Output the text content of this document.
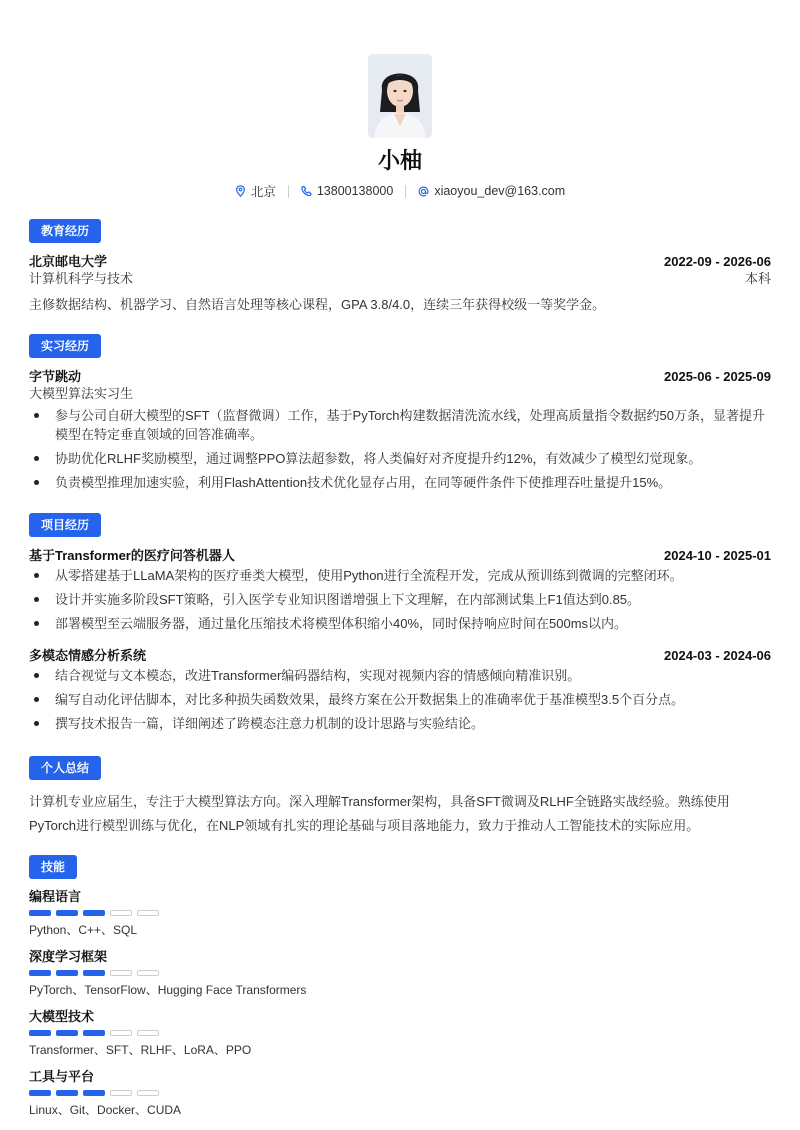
小柚
北京	13800138000	xiaoyou_dev@163.com
教育经历
北京邮电大学	2022-09 - 2026-06
计算机科学与技术	本科
主修数据结构、机器学习、自然语言处理等核心课程，GPA 3.8/4.0，连续三年获得校级一等奖学金。
实习经历
字节跳动	2025-06 - 2025-09
大模型算法实习生
参与公司自研大模型的SFT（监督微调）工作，基于PyTorch构建数据清洗流水线，处理高质量指令数据约50万条，显著提升模型在特定垂直领域的回答准确率。
协助优化RLHF奖励模型，通过调整PPO算法超参数，将人类偏好对齐度提升约12%，有效减少了模型幻觉现象。
负责模型推理加速实验，利用FlashAttention技术优化显存占用，在同等硬件条件下使推理吞吐量提升15%。
项目经历
基于Transformer的医疗问答机器人	2024-10 - 2025-01
从零搭建基于LLaMA架构的医疗垂类大模型，使用Python进行全流程开发，完成从预训练到微调的完整闭环。
设计并实施多阶段SFT策略，引入医学专业知识图谱增强上下文理解，在内部测试集上F1值达到0.85。
部署模型至云端服务器，通过量化压缩技术将模型体积缩小40%，同时保持响应时间在500ms以内。
多模态情感分析系统	2024-03 - 2024-06
结合视觉与文本模态，改进Transformer编码器结构，实现对视频内容的情感倾向精准识别。
编写自动化评估脚本，对比多种损失函数效果，最终方案在公开数据集上的准确率优于基准模型3.5个百分点。
撰写技术报告一篇，详细阐述了跨模态注意力机制的设计思路与实验结论。
个人总结
计算机专业应届生，专注于大模型算法方向。深入理解Transformer架构，具备SFT微调及RLHF全链路实战经验。熟练使用PyTorch进行模型训练与优化，在NLP领域有扎实的理论基础与项目落地能力，致力于推动人工智能技术的实际应用。
技能
编程语言
Python、C++、SQL
深度学习框架
PyTorch、TensorFlow、Hugging Face Transformers
大模型技术
Transformer、SFT、RLHF、LoRA、PPO
工具与平台
Linux、Git、Docker、CUDA
